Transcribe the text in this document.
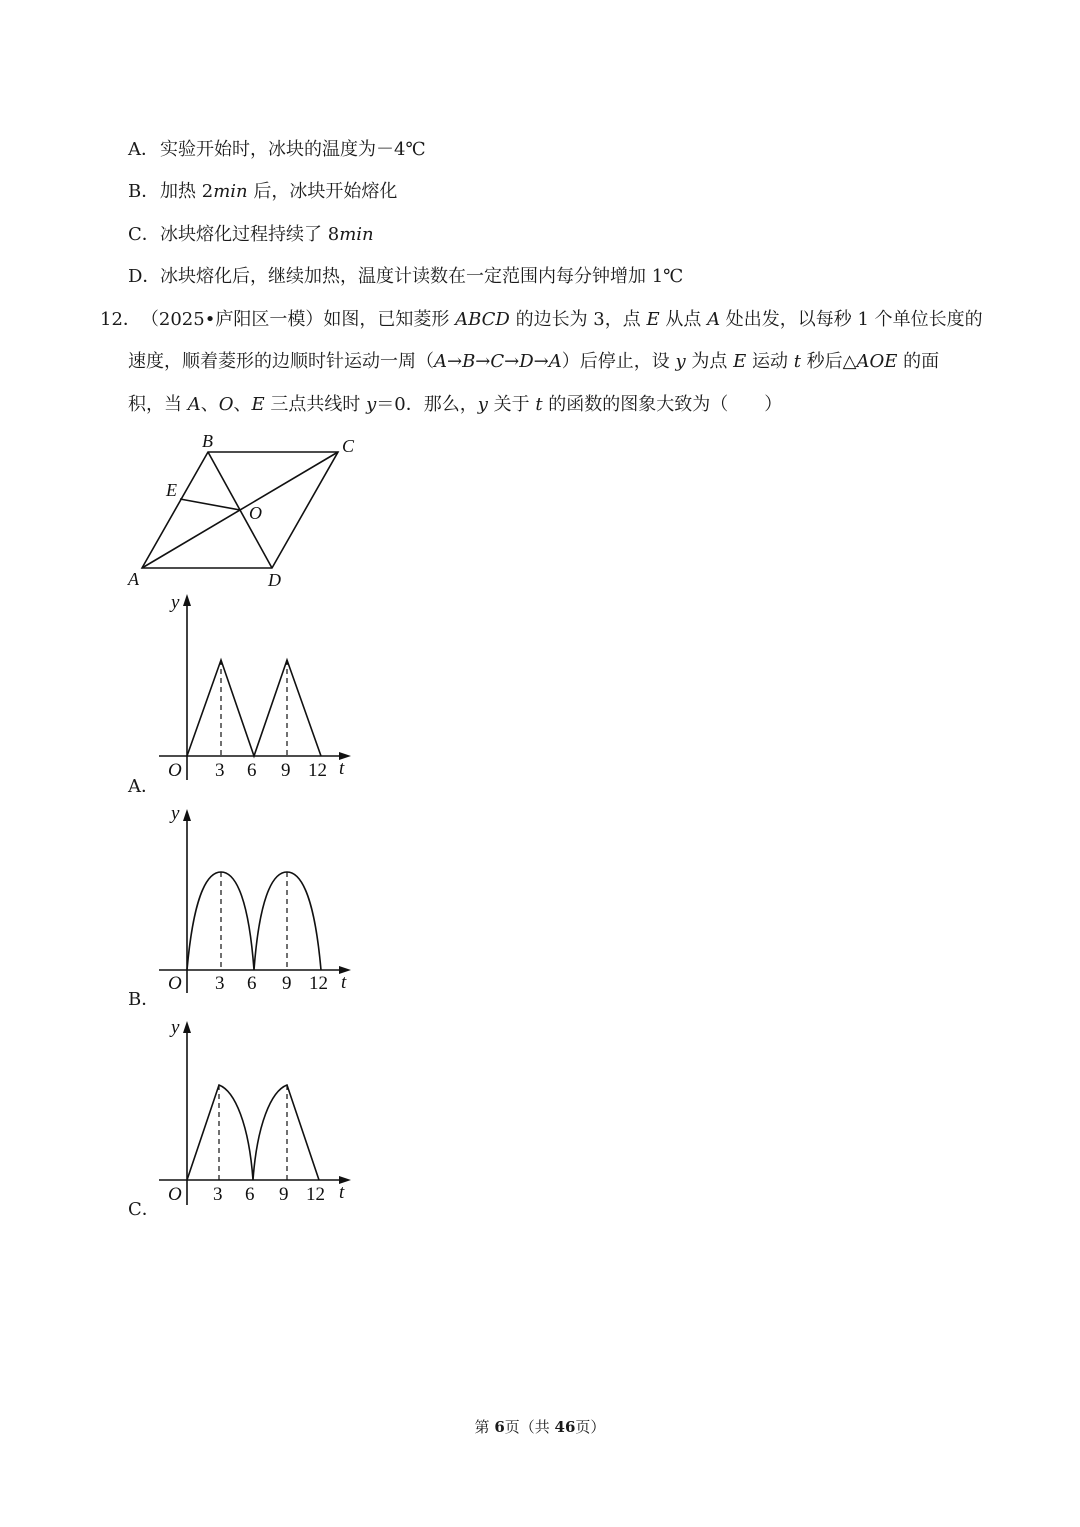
A．实验开始时，冰块的温度为－4℃
B．加热 2min 后，冰块开始熔化
C．冰块熔化过程持续了 8min
D．冰块熔化后，继续加热，温度计读数在一定范围内每分钟增加 1℃
12．（2025•庐阳区一模）如图，已知菱形 ABCD 的边长为 3，点 E 从点 A 处出发，以每秒 1 个单位长度的
速度，顺着菱形的边顺时针运动一周（A→B→C→D→A）后停止，设 y 为点 E 运动 t 秒后△AOE 的面
积，当 A、O、E 三点共线时 y＝0．那么，y 关于 t 的函数的图象大致为（　　）
A
B	C
D
E
O
y
t
O 3 6 9 12
A．
y
t
O 3 6 9 12
B．
y
t
O 3 6 9 12
C．
第 6页（共 46页）
